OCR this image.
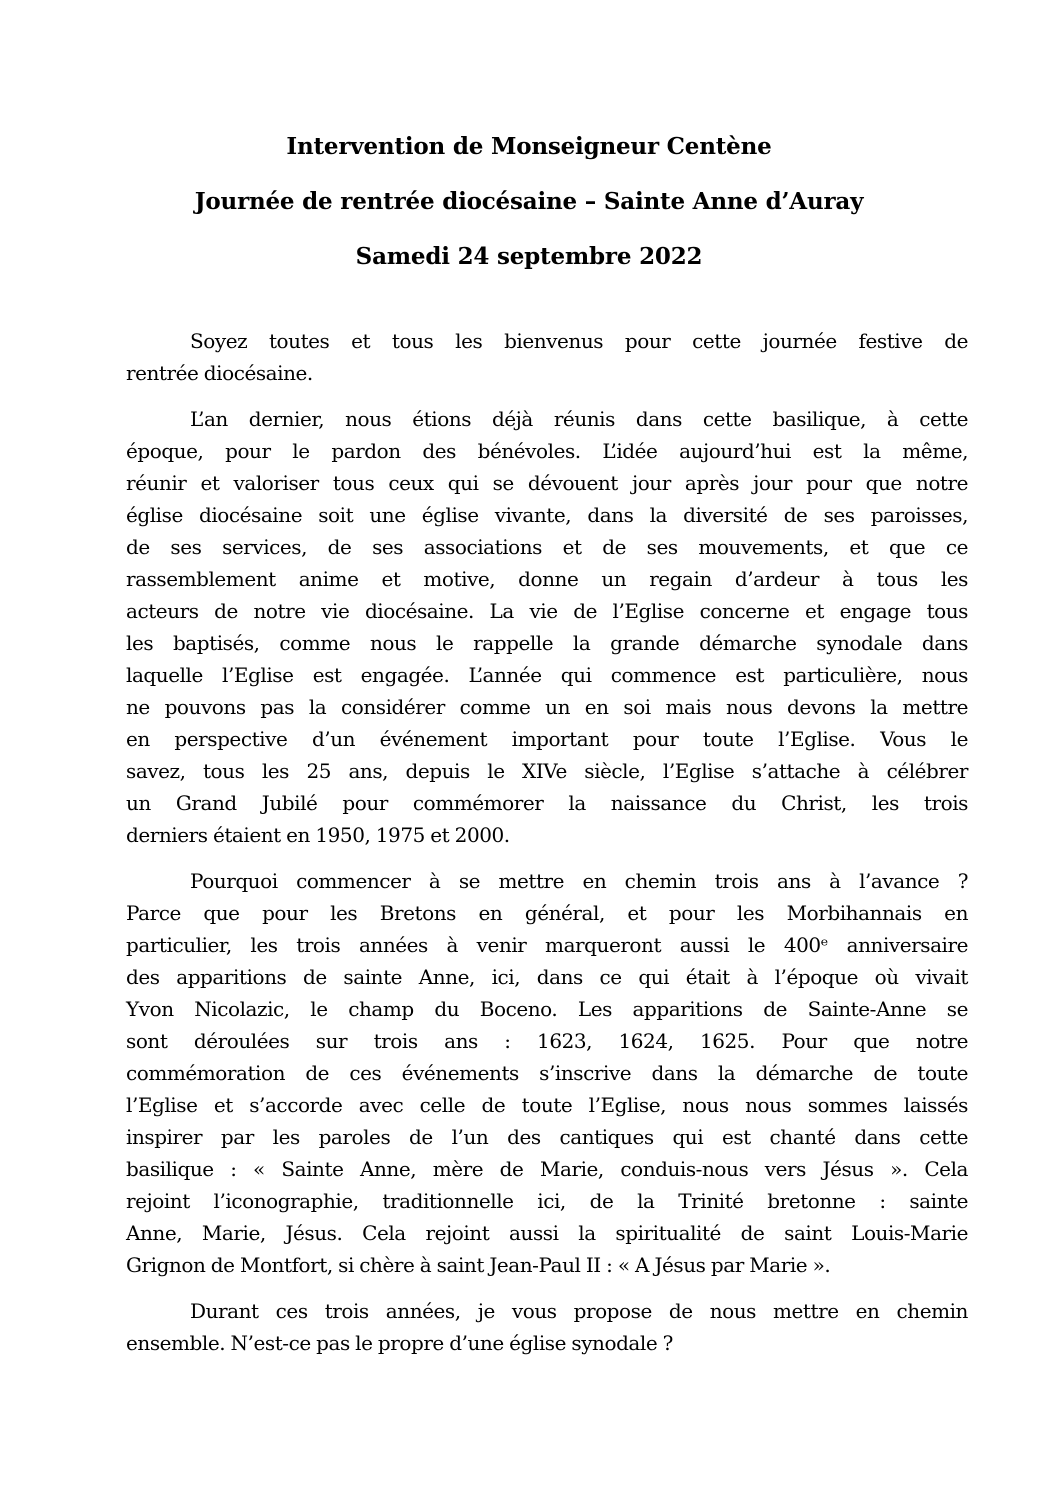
Intervention de Monseigneur Centène
Journée de rentrée diocésaine – Sainte Anne d’Auray
Samedi 24 septembre 2022
Soyez toutes et tous les bienvenus pour cette journée festive de
rentrée diocésaine.
L’an dernier, nous étions déjà réunis dans cette basilique, à cette
époque, pour le pardon des bénévoles. L’idée aujourd’hui est la même,
réunir et valoriser tous ceux qui se dévouent jour après jour pour que notre
église diocésaine soit une église vivante, dans la diversité de ses paroisses,
de ses services, de ses associations et de ses mouvements, et que ce
rassemblement anime et motive, donne un regain d’ardeur à tous les
acteurs de notre vie diocésaine. La vie de l’Eglise concerne et engage tous
les baptisés, comme nous le rappelle la grande démarche synodale dans
laquelle l’Eglise est engagée. L’année qui commence est particulière, nous
ne pouvons pas la considérer comme un en soi mais nous devons la mettre
en perspective d’un événement important pour toute l’Eglise. Vous le
savez, tous les 25 ans, depuis le XIVe siècle, l’Eglise s’attache à célébrer
un Grand Jubilé pour commémorer la naissance du Christ, les trois
derniers étaient en 1950, 1975 et 2000.
Pourquoi commencer à se mettre en chemin trois ans à l’avance ?
Parce que pour les Bretons en général, et pour les Morbihannais en
particulier, les trois années à venir marqueront aussi le 400ᵉ anniversaire
des apparitions de sainte Anne, ici, dans ce qui était à l’époque où vivait
Yvon Nicolazic, le champ du Boceno. Les apparitions de Sainte-Anne se
sont déroulées sur trois ans : 1623, 1624, 1625. Pour que notre
commémoration de ces événements s’inscrive dans la démarche de toute
l’Eglise et s’accorde avec celle de toute l’Eglise, nous nous sommes laissés
inspirer par les paroles de l’un des cantiques qui est chanté dans cette
basilique : « Sainte Anne, mère de Marie, conduis-nous vers Jésus ». Cela
rejoint l’iconographie, traditionnelle ici, de la Trinité bretonne : sainte
Anne, Marie, Jésus. Cela rejoint aussi la spiritualité de saint Louis-Marie
Grignon de Montfort, si chère à saint Jean-Paul II : « A Jésus par Marie ».
Durant ces trois années, je vous propose de nous mettre en chemin
ensemble. N’est-ce pas le propre d’une église synodale ?
